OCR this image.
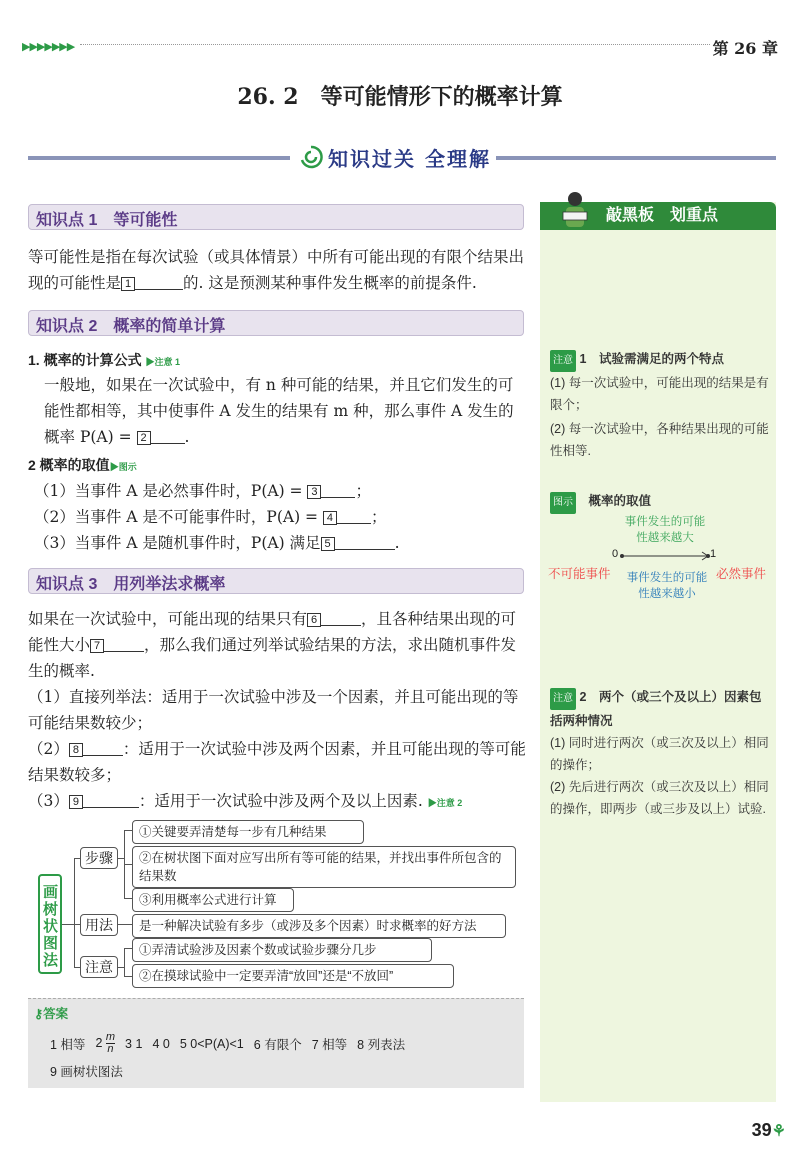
▶▶▶▶▶▶▶	第 26 章
26. 2　等可能情形下的概率计算
知识过关 全理解
知识点 1　等可能性
等可能性是指在每次试验（或具体情景）中所有可能出现的有限个结果出现的可能性是 1	的. 这是预测某种事件发生概率的前提条件.
知识点 2　概率的简单计算
1. 概率的计算公式 ▶注意 1
一般地，如果在一次试验中，有 n 种可能的结果，并且它们发生的可能性都相等，其中使事件 A 发生的结果有 m 种，那么事件 A 发生的概率 P(A) = 2 .
2 概率的取值▶图示
（1）当事件 A 是必然事件时，P(A) = 3 ；
（2）当事件 A 是不可能事件时，P(A) = 4 ；
（3）当事件 A 是随机事件时，P(A) 满足 5	.
知识点 3　用列举法求概率
如果在一次试验中，可能出现的结果只有 6	，且各种结果出现的可能性大小 7	，那么我们通过列举试验结果的方法，求出随机事件发生的概率.
（1）直接列举法：适用于一次试验中涉及一个因素，并且可能出现的等可能结果数较少；
（2） 8	：适用于一次试验中涉及两个因素，并且可能出现的等可能结果数较多；
（3） 9	：适用于一次试验中涉及两个及以上因素. ▶注意 2
画树状图法
步骤
①关键要弄清楚每一步有几种结果
②在树状图下面对应写出所有等可能的结果，并找出事件所包含的结果数
③利用概率公式进行计算
用法	是一种解决试验有多步（或涉及多个因素）时求概率的好方法
注意
①弄清试验涉及因素个数或试验步骤分几步
②在摸球试验中一定要弄清“放回”还是“不放回”
⚷答案
1 相等 $2 \frac{m}{n} 3$ 1 4 0 5 0<P(A)<1 6 有限个 7 相等 8 列表法
9 画树状图法
敲黑板　划重点
注意 1　 试验需满足的两个特点
(1) 每一次试验中，可能出现的结果是有限个；
(2) 每一次试验中，各种结果出现的可能性相等.
图示　 概率的取值
事件发生的可能性越来越大
0	1
不可能事件	必然事件
事件发生的可能性越来越小
注意 2　 两个（或三个及以上）因素包括两种情况
(1) 同时进行两次（或三次及以上）相同的操作；
(2) 先后进行两次（或三次及以上）相同的操作，即两步（或三步及以上）试验.
39⚘
